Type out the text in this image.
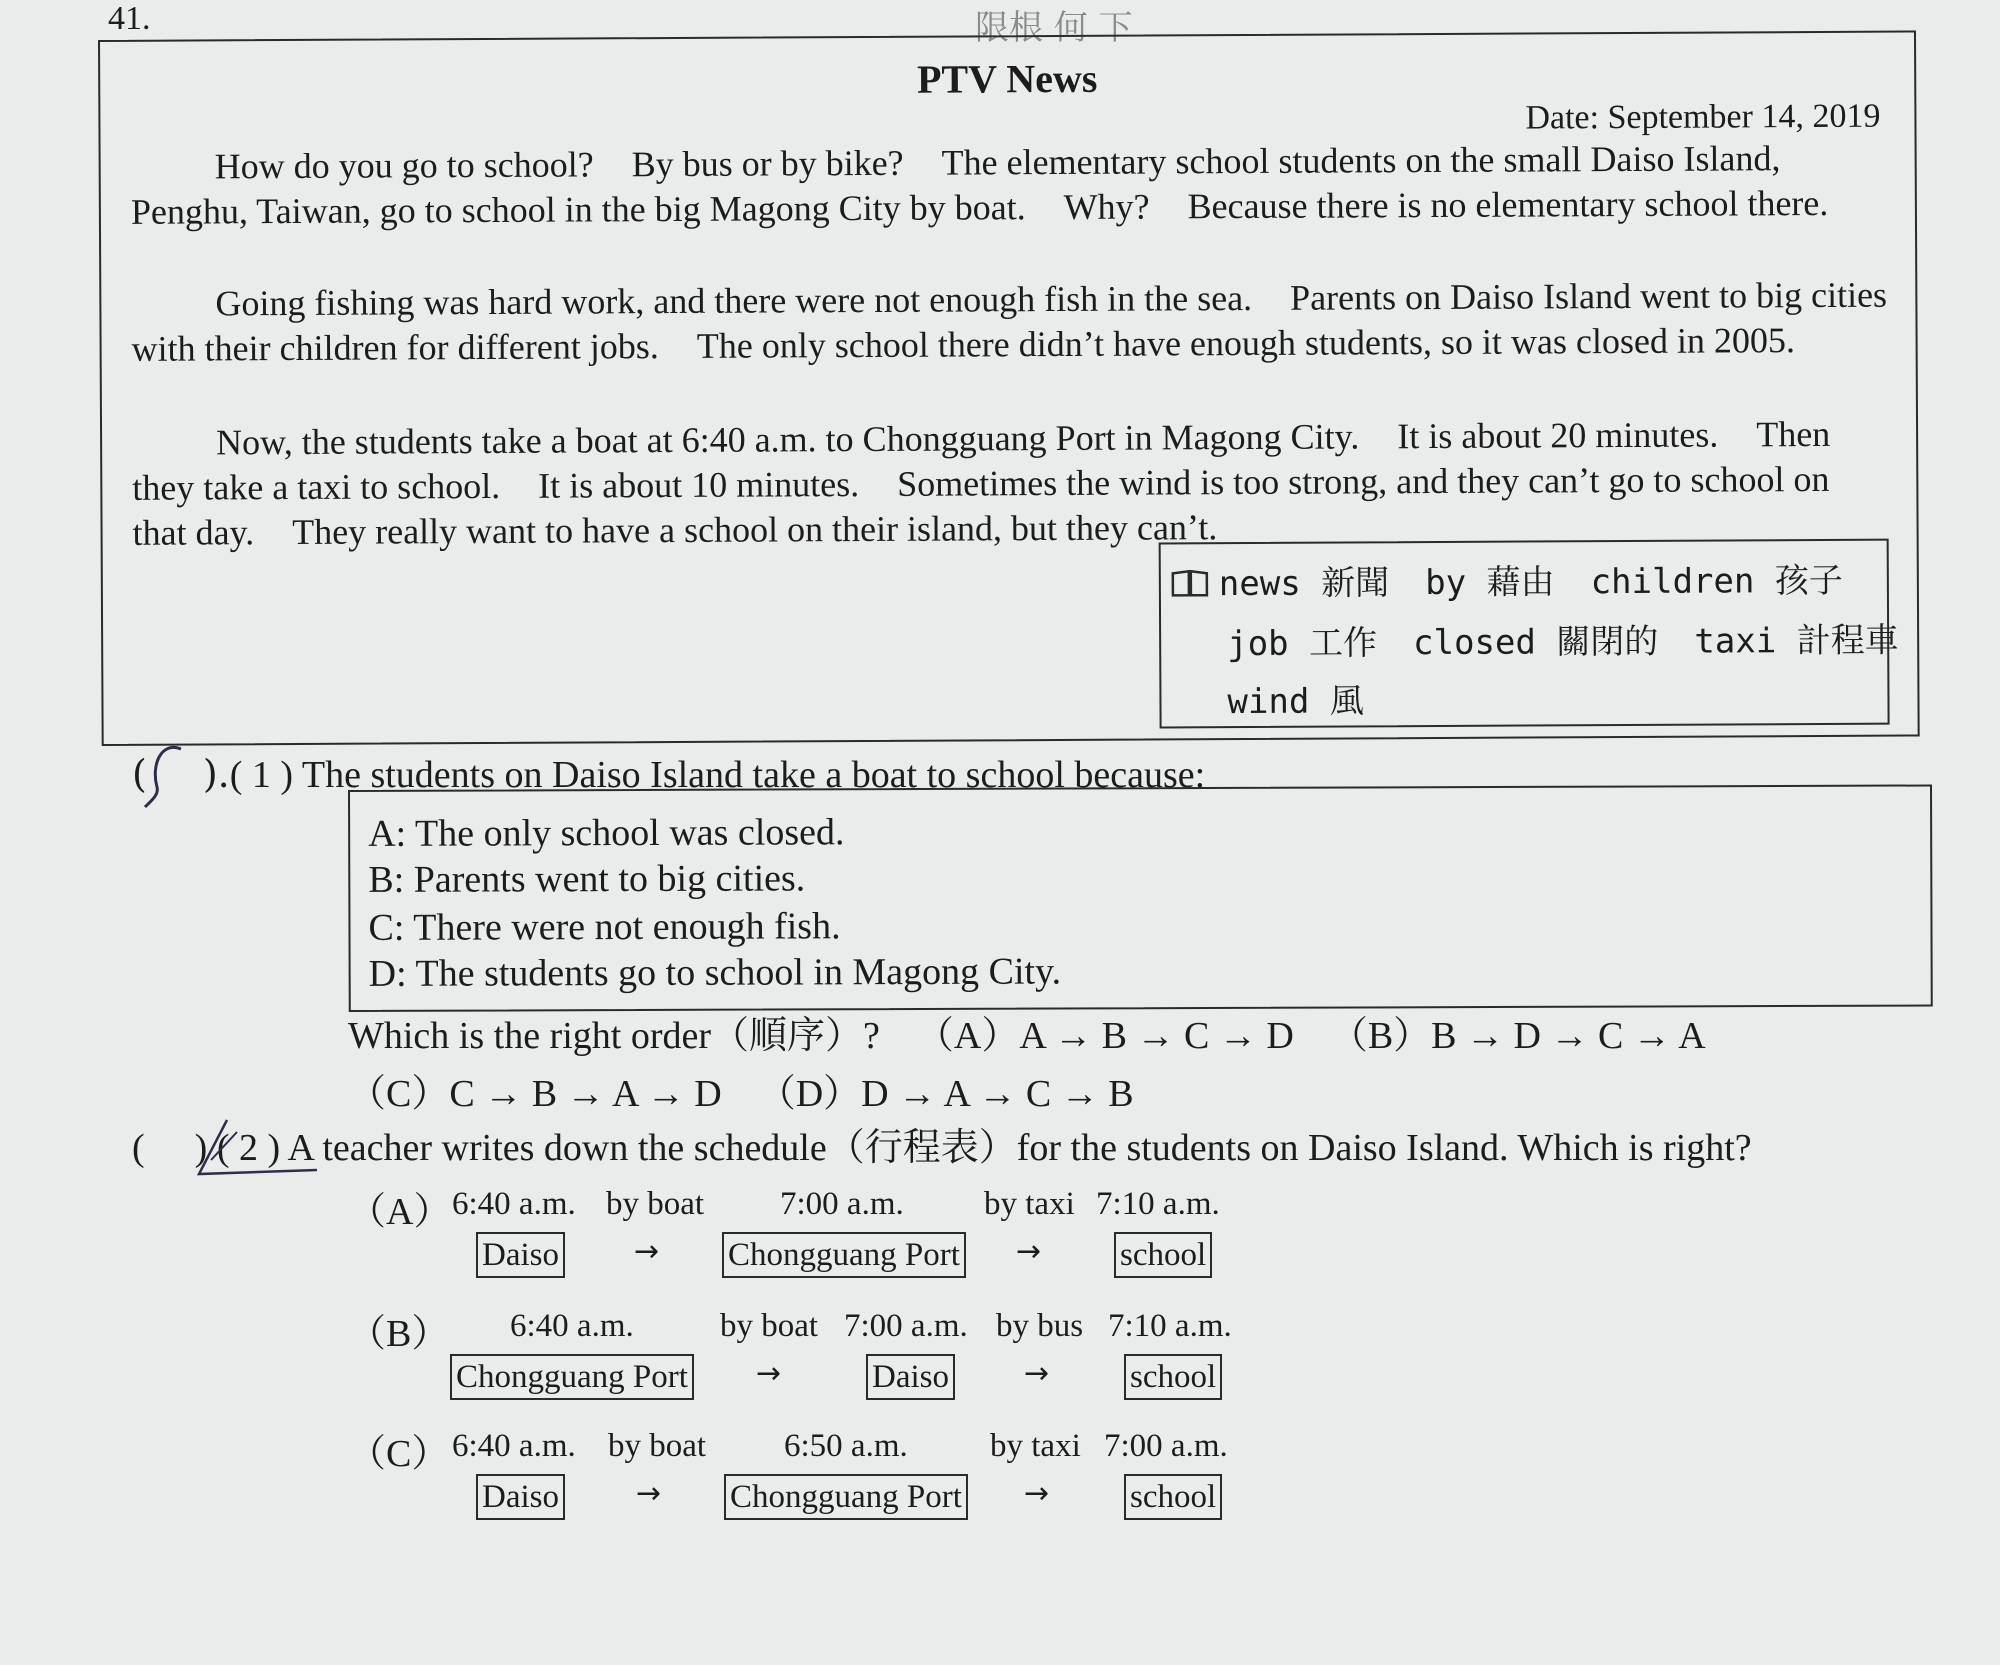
41.	限根 何 下
PTV News
Date: September 14, 2019

How do you go to school? By bus or by bike? The elementary school students on the small Daiso Island, Penghu, Taiwan, go to school in the big Magong City by boat. Why? Because there is no elementary school there.

Going fishing was hard work, and there were not enough fish in the sea. Parents on Daiso Island went to big cities with their children for different jobs. The only school there didn’t have enough students, so it was closed in 2005.

Now, the students take a boat at 6:40 a.m. to Chongguang Port in Magong City. It is about 20 minutes. Then they take a taxi to school. It is about 10 minutes. Sometimes the wind is too strong, and they can’t go to school on that day. They really want to have a school on their island, but they can’t.

news 新聞 by 藉由 children 孩子
job 工作 closed 關閉的 taxi 計程車
wind 風
( ).( 1 ) The students on Daiso Island take a boat to school because:
A: The only school was closed.
B: Parents went to big cities.
C: There were not enough fish.
D: The students go to school in Magong City.
Which is the right order（順序）? （A）A → B → C → D （B）B → D → C → A
（C）C → B → A → D （D）D → A → C → B
( ) ( 2 ) A teacher writes down the schedule（行程表）for the students on Daiso Island. Which is right?
（A） 6:40 a.m. by boat 7:00 a.m. by taxi 7:10 a.m.
Daiso	→ Chongguang Port → school
（B） 6:40 a.m.	by boat 7:00 a.m. by bus 7:10 a.m.
Chongguang Port →	Daiso	→ school
（C） 6:40 a.m. by boat 6:50 a.m. by taxi 7:00 a.m.
Daiso	→ Chongguang Port → school
